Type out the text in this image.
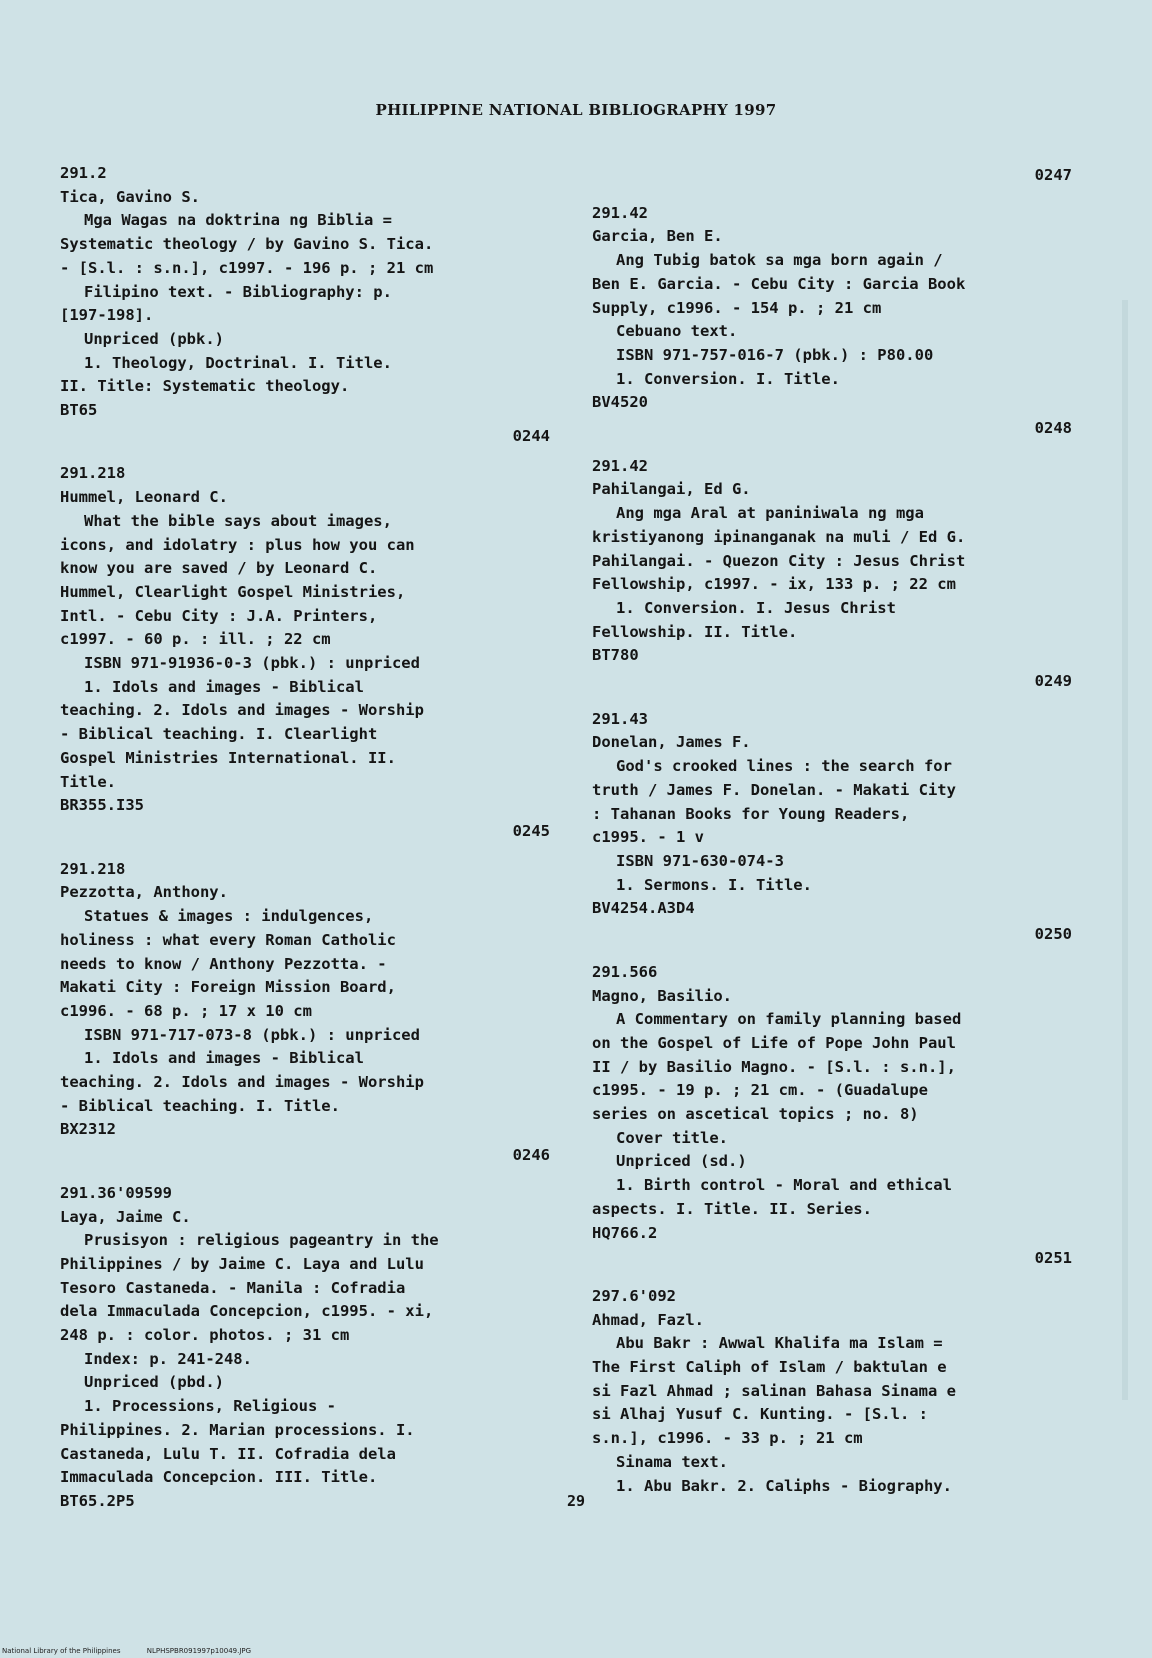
PHILIPPINE NATIONAL BIBLIOGRAPHY 1997
291.2
Tica, Gavino S.
Mga Wagas na doktrina ng Biblia =
Systematic theology / by Gavino S. Tica.
- [S.l. : s.n.], c1997. - 196 p. ; 21 cm
Filipino text. - Bibliography: p.
[197-198].
Unpriced (pbk.)
1. Theology, Doctrinal. I. Title.
II. Title: Systematic theology.
BT65
0244
291.218
Hummel, Leonard C.
What the bible says about images,
icons, and idolatry : plus how you can
know you are saved / by Leonard C.
Hummel, Clearlight Gospel Ministries,
Intl. - Cebu City : J.A. Printers,
c1997. - 60 p. : ill. ; 22 cm
ISBN 971-91936-0-3 (pbk.) : unpriced
1. Idols and images - Biblical
teaching. 2. Idols and images - Worship
- Biblical teaching. I. Clearlight
Gospel Ministries International. II.
Title.
BR355.I35
0245
291.218
Pezzotta, Anthony.
Statues & images : indulgences,
holiness : what every Roman Catholic
needs to know / Anthony Pezzotta. -
Makati City : Foreign Mission Board,
c1996. - 68 p. ; 17 x 10 cm
ISBN 971-717-073-8 (pbk.) : unpriced
1. Idols and images - Biblical
teaching. 2. Idols and images - Worship
- Biblical teaching. I. Title.
BX2312
0246
291.36'09599
Laya, Jaime C.
Prusisyon : religious pageantry in the
Philippines / by Jaime C. Laya and Lulu
Tesoro Castaneda. - Manila : Cofradia
dela Immaculada Concepcion, c1995. - xi,
248 p. : color. photos. ; 31 cm
Index: p. 241-248.
Unpriced (pbd.)
1. Processions, Religious -
Philippines. 2. Marian processions. I.
Castaneda, Lulu T. II. Cofradia dela
Immaculada Concepcion. III. Title.
BT65.2P5
0247
291.42
Garcia, Ben E.
Ang Tubig batok sa mga born again /
Ben E. Garcia. - Cebu City : Garcia Book
Supply, c1996. - 154 p. ; 21 cm
Cebuano text.
ISBN 971-757-016-7 (pbk.) : P80.00
1. Conversion. I. Title.
BV4520
0248
291.42
Pahilangai, Ed G.
Ang mga Aral at paniniwala ng mga
kristiyanong ipinanganak na muli / Ed G.
Pahilangai. - Quezon City : Jesus Christ
Fellowship, c1997. - ix, 133 p. ; 22 cm
1. Conversion. I. Jesus Christ
Fellowship. II. Title.
BT780
0249
291.43
Donelan, James F.
God's crooked lines : the search for
truth / James F. Donelan. - Makati City
: Tahanan Books for Young Readers,
c1995. - 1 v
ISBN 971-630-074-3
1. Sermons. I. Title.
BV4254.A3D4
0250
291.566
Magno, Basilio.
A Commentary on family planning based
on the Gospel of Life of Pope John Paul
II / by Basilio Magno. - [S.l. : s.n.],
c1995. - 19 p. ; 21 cm. - (Guadalupe
series on ascetical topics ; no. 8)
Cover title.
Unpriced (sd.)
1. Birth control - Moral and ethical
aspects. I. Title. II. Series.
HQ766.2
0251
297.6'092
Ahmad, Fazl.
Abu Bakr : Awwal Khalifa ma Islam =
The First Caliph of Islam / baktulan e
si Fazl Ahmad ; salinan Bahasa Sinama e
si Alhaj Yusuf C. Kunting. - [S.l. :
s.n.], c1996. - 33 p. ; 21 cm
Sinama text.
1. Abu Bakr. 2. Caliphs - Biography.
29
National Library of the Philippines	NLPHSPBR091997p10049.JPG
